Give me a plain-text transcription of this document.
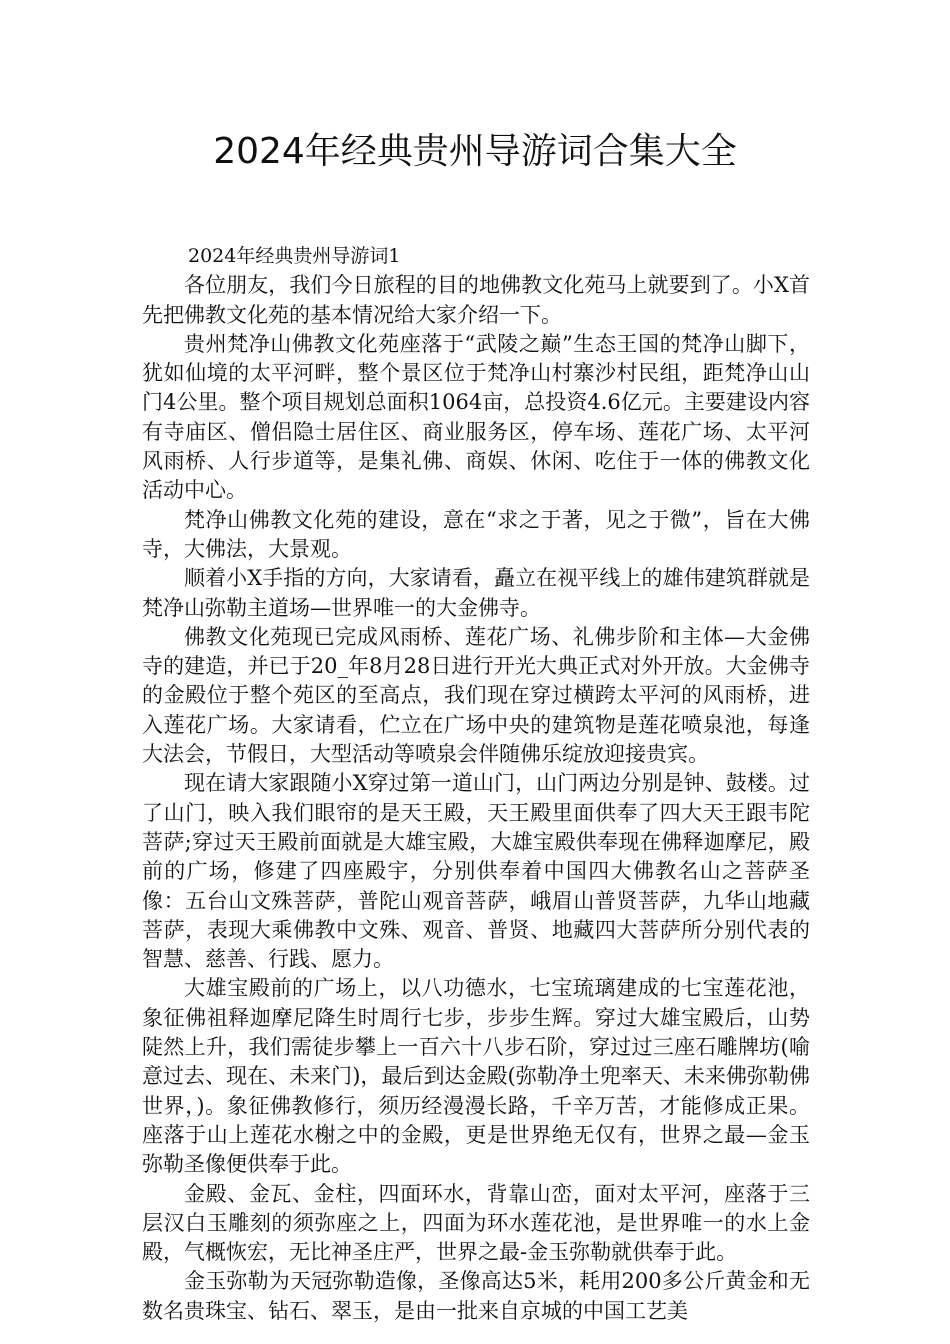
2024年经典贵州导游词合集大全

2024年经典贵州导游词1

各位朋友，我们今日旅程的目的地佛教文化苑马上就要到了。小X首先把佛教文化苑的基本情况给大家介绍一下。

贵州梵净山佛教文化苑座落于“武陵之巅”生态王国的梵净山脚下，犹如仙境的太平河畔，整个景区位于梵净山村寨沙村民组，距梵净山山门4公里。整个项目规划总面积1064亩，总投资4.6亿元。主要建设内容有寺庙区、僧侣隐士居住区、商业服务区，停车场、莲花广场、太平河风雨桥、人行步道等，是集礼佛、商娱、休闲、吃住于一体的佛教文化活动中心。

梵净山佛教文化苑的建设，意在“求之于著，见之于微”，旨在大佛寺，大佛法，大景观。

顺着小X手指的方向，大家请看，矗立在视平线上的雄伟建筑群就是梵净山弥勒主道场—世界唯一的大金佛寺。

佛教文化苑现已完成风雨桥、莲花广场、礼佛步阶和主体—大金佛寺的建造，并已于20_年8月28日进行开光大典正式对外开放。大金佛寺的金殿位于整个苑区的至高点，我们现在穿过横跨太平河的风雨桥，进入莲花广场。大家请看，伫立在广场中央的建筑物是莲花喷泉池，每逢大法会，节假日，大型活动等喷泉会伴随佛乐绽放迎接贵宾。

现在请大家跟随小X穿过第一道山门，山门两边分别是钟、鼓楼。过了山门，映入我们眼帘的是天王殿，天王殿里面供奉了四大天王跟韦陀菩萨;穿过天王殿前面就是大雄宝殿，大雄宝殿供奉现在佛释迦摩尼，殿前的广场，修建了四座殿宇，分别供奉着中国四大佛教名山之菩萨圣像：五台山文殊菩萨，普陀山观音菩萨，峨眉山普贤菩萨，九华山地藏菩萨，表现大乘佛教中文殊、观音、普贤、地藏四大菩萨所分别代表的智慧、慈善、行践、愿力。

大雄宝殿前的广场上，以八功德水，七宝琉璃建成的七宝莲花池，象征佛祖释迦摩尼降生时周行七步，步步生辉。穿过大雄宝殿后，山势陡然上升，我们需徒步攀上一百六十八步石阶，穿过过三座石雕牌坊(喻意过去、现在、未来门)，最后到达金殿(弥勒净土兜率天、未来佛弥勒佛世界，)。象征佛教修行，须历经漫漫长路，千辛万苦，才能修成正果。座落于山上莲花水榭之中的金殿，更是世界绝无仅有，世界之最—金玉弥勒圣像便供奉于此。

金殿、金瓦、金柱，四面环水，背靠山峦，面对太平河，座落于三层汉白玉雕刻的须弥座之上，四面为环水莲花池，是世界唯一的水上金殿，气概恢宏，无比神圣庄严，世界之最-金玉弥勒就供奉于此。

金玉弥勒为天冠弥勒造像，圣像高达5米，耗用200多公斤黄金和无数名贵珠宝、钻石、翠玉，是由一批来自京城的中国工艺美
